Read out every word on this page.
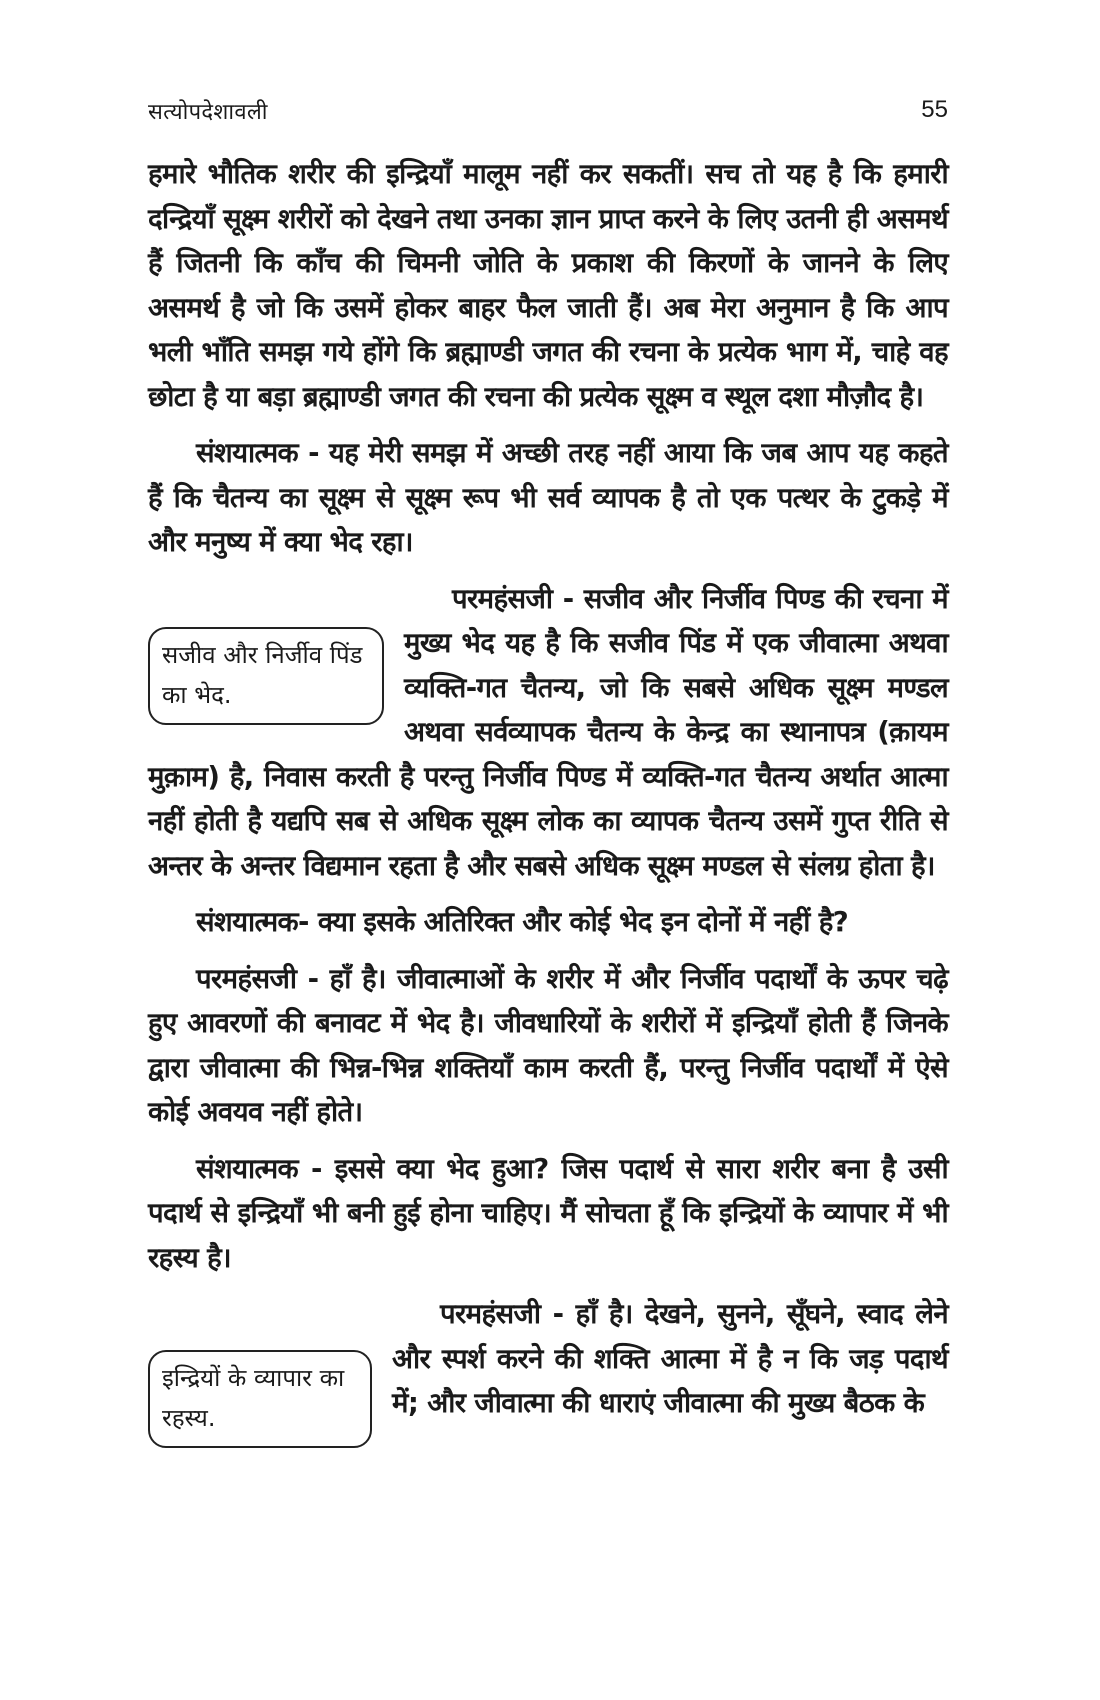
सत्योपदेशावली	55

हमारे भौतिक शरीर की इन्द्रियाँ मालूम नहीं कर सकतीं। सच तो यह है कि हमारी दन्द्रियाँ सूक्ष्म शरीरों को देखने तथा उनका ज्ञान प्राप्त करने के लिए उतनी ही असमर्थ हैं जितनी कि काँच की चिमनी जोति के प्रकाश की किरणों के जानने के लिए असमर्थ है जो कि उसमें होकर बाहर फैल जाती हैं। अब मेरा अनुमान है कि आप भली भाँति समझ गये होंगे कि ब्रह्माण्डी जगत की रचना के प्रत्येक भाग में, चाहे वह छोटा है या बड़ा ब्रह्माण्डी जगत की रचना की प्रत्येक सूक्ष्म व स्थूल दशा मौज़ौद है।

संशयात्मक - यह मेरी समझ में अच्छी तरह नहीं आया कि जब आप यह कहते हैं कि चैतन्य का सूक्ष्म से सूक्ष्म रूप भी सर्व व्यापक है तो एक पत्थर के टुकड़े में और मनुष्य में क्या भेद रहा।

सजीव और निर्जीव पिंड का भेद.

परमहंसजी - सजीव और निर्जीव पिण्ड की रचना में मुख्य भेद यह है कि सजीव पिंड में एक जीवात्मा अथवा व्यक्ति-गत चैतन्य, जो कि सबसे अधिक सूक्ष्म मण्डल अथवा सर्वव्यापक चैतन्य के केन्द्र का स्थानापत्र (क़ायम मुक़ाम) है, निवास करती है परन्तु निर्जीव पिण्ड में व्यक्ति-गत चैतन्य अर्थात आत्मा नहीं होती है यद्यपि सब से अधिक सूक्ष्म लोक का व्यापक चैतन्य उसमें गुप्त रीति से अन्तर के अन्तर विद्यमान रहता है और सबसे अधिक सूक्ष्म मण्डल से संलग्र होता है।

संशयात्मक- क्या इसके अतिरिक्त और कोई भेद इन दोनों में नहीं है?

परमहंसजी - हाँ है। जीवात्माओं के शरीर में और निर्जीव पदार्थों के ऊपर चढ़े हुए आवरणों की बनावट में भेद है। जीवधारियों के शरीरों में इन्द्रियाँ होती हैं जिनके द्वारा जीवात्मा की भिन्न-भिन्न शक्तियाँ काम करती हैं, परन्तु निर्जीव पदार्थों में ऐसे कोई अवयव नहीं होते।

संशयात्मक - इससे क्या भेद हुआ? जिस पदार्थ से सारा शरीर बना है उसी पदार्थ से इन्द्रियाँ भी बनी हुई होना चाहिए। मैं सोचता हूँ कि इन्द्रियों के व्यापार में भी रहस्य है।

इन्द्रियों के व्यापार का रहस्य.

परमहंसजी - हाँ है। देखने, सुनने, सूँघने, स्वाद लेने और स्पर्श करने की शक्ति आत्मा में है न कि जड़ पदार्थ में; और जीवात्मा की धाराएं जीवात्मा की मुख्य बैठक के
